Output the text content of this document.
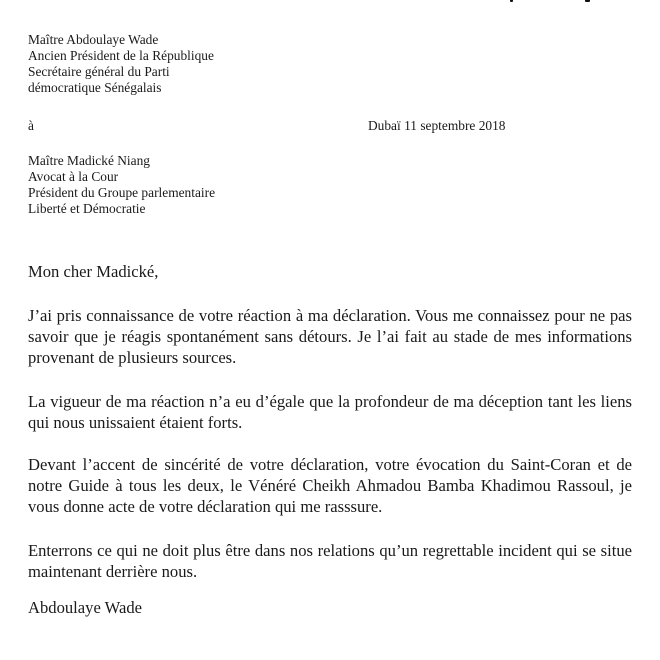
Maître Abdoulaye Wade
Ancien Président de la République
Secrétaire général du Parti
démocratique Sénégalais
à	Dubaï 11 septembre 2018
Maître Madické Niang
Avocat à la Cour
Président du Groupe parlementaire
Liberté et Démocratie
Mon cher Madické,
J’ai pris connaissance de votre réaction à ma déclaration. Vous me connaissez pour ne pas savoir que je réagis spontanément sans détours. Je l’ai fait au stade de mes informations provenant de plusieurs sources.
La vigueur de ma réaction n’a eu d’égale que la profondeur de ma déception tant les liens qui nous unissaient étaient forts.
Devant l’accent de sincérité de votre déclaration, votre évocation du Saint-Coran et de notre Guide à tous les deux, le Vénéré Cheikh Ahmadou Bamba Khadimou Rassoul, je vous donne acte de votre déclaration qui me rasssure.
Enterrons ce qui ne doit plus être dans nos relations qu’un regrettable incident qui se situe maintenant derrière nous.
Abdoulaye Wade
